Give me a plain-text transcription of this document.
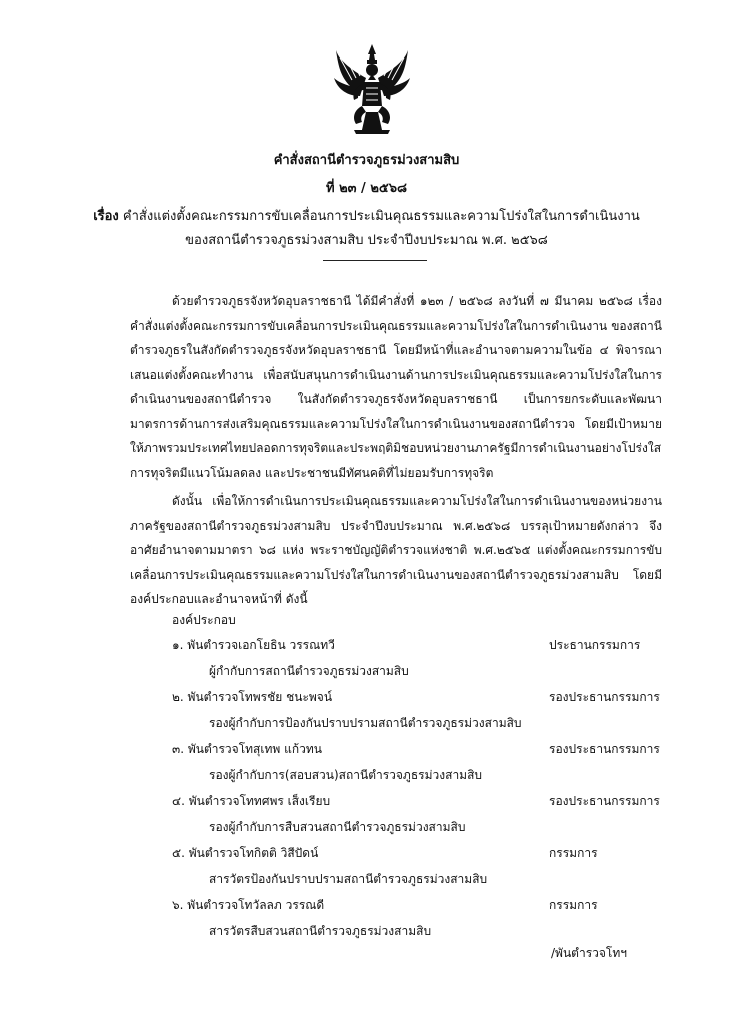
คำสั่งสถานีตำรวจภูธรม่วงสามสิบ
ที่ ๒๓ / ๒๕๖๘
เรื่อง คำสั่งแต่งตั้งคณะกรรมการขับเคลื่อนการประเมินคุณธรรมและความโปร่งใสในการดำเนินงาน
ของสถานีตำรวจภูธรม่วงสามสิบ ประจำปีงบประมาณ พ.ศ. ๒๕๖๘

ด้วยตำรวจภูธรจังหวัดอุบลราชธานี ได้มีคำสั่งที่ ๑๒๓ / ๒๕๖๘ ลงวันที่ ๗ มีนาคม ๒๕๖๘ เรื่อง คำสั่งแต่งตั้งคณะกรรมการขับเคลื่อนการประเมินคุณธรรมและความโปร่งใสในการดำเนินงาน ของสถานีตำรวจภูธรในสังกัดตำรวจภูธรจังหวัดอุบลราชธานี โดยมีหน้าที่และอำนาจตามความในข้อ ๔ พิจารณาเสนอแต่งตั้งคณะทำงาน เพื่อสนับสนุนการดำเนินงานด้านการประเมินคุณธรรมและความโปร่งใสในการดำเนินงานของสถานีตำรวจ ในสังกัดตำรวจภูธรจังหวัดอุบลราชธานี เป็นการยกระดับและพัฒนามาตรการด้านการส่งเสริมคุณธรรมและความโปร่งใสในการดำเนินงานของสถานีตำรวจ โดยมีเป้าหมายให้ภาพรวมประเทศไทยปลอดการทุจริตและประพฤติมิชอบหน่วยงานภาครัฐมีการดำเนินงานอย่างโปร่งใส การทุจริตมีแนวโน้มลดลง และประชาชนมีทัศนคติที่ไม่ยอมรับการทุจริต

ดังนั้น เพื่อให้การดำเนินการประเมินคุณธรรมและความโปร่งใสในการดำเนินงานของหน่วยงานภาครัฐของสถานีตำรวจภูธรม่วงสามสิบ ประจำปีงบประมาณ พ.ศ.๒๕๖๘ บรรลุเป้าหมายดังกล่าว จึงอาศัยอำนาจตามมาตรา ๖๘ แห่ง พระราชบัญญัติตำรวจแห่งชาติ พ.ศ.๒๕๖๕ แต่งตั้งคณะกรรมการขับเคลื่อนการประเมินคุณธรรมและความโปร่งใสในการดำเนินงานของสถานีตำรวจภูธรม่วงสามสิบ โดยมีองค์ประกอบและอำนาจหน้าที่ ดังนี้

องค์ประกอบ
๑. พันตำรวจเอกโยธิน วรรณทวี	ประธานกรรมการ
ผู้กำกับการสถานีตำรวจภูธรม่วงสามสิบ
๒. พันตำรวจโทพรชัย ชนะพจน์	รองประธานกรรมการ
รองผู้กำกับการป้องกันปราบปรามสถานีตำรวจภูธรม่วงสามสิบ
๓. พันตำรวจโทสุเทพ แก้วทน	รองประธานกรรมการ
รองผู้กำกับการ(สอบสวน)สถานีตำรวจภูธรม่วงสามสิบ
๔. พันตำรวจโททศพร เส็งเรียบ	รองประธานกรรมการ
รองผู้กำกับการสืบสวนสถานีตำรวจภูธรม่วงสามสิบ
๕. พันตำรวจโทกิตติ วิสีปัดน์	กรรมการ
สารวัตรป้องกันปราบปรามสถานีตำรวจภูธรม่วงสามสิบ
๖. พันตำรวจโทวัลลภ วรรณดี	กรรมการ
สารวัตรสืบสวนสถานีตำรวจภูธรม่วงสามสิบ
/พันตำรวจโทฯ
